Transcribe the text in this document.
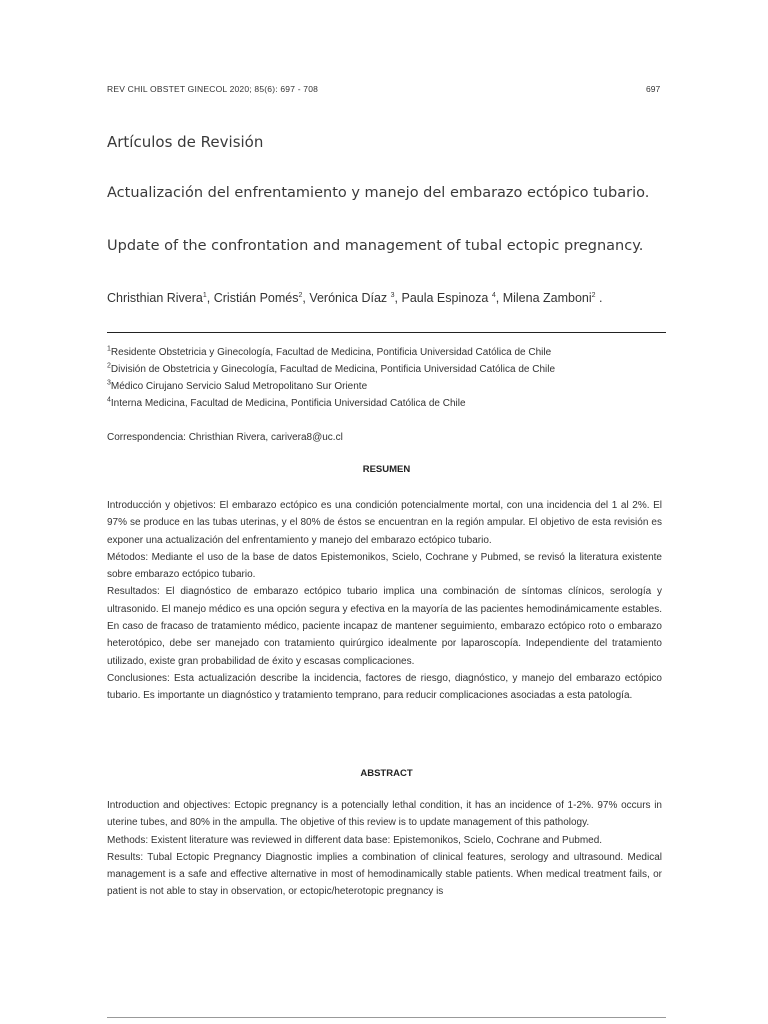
REV CHIL OBSTET GINECOL 2020; 85(6): 697 - 708	697
Artículos de Revisión
Actualización del enfrentamiento y manejo del embarazo ectópico tubario.
Update of the confrontation and management of tubal ectopic pregnancy.
Christhian Rivera$^1$, Cristián Pomés$^2$, Verónica Díaz $^3$, Paula Espinoza $^4$, Milena Zamboni$^2$ .
$^1$Residente Obstetricia y Ginecología, Facultad de Medicina, Pontificia Universidad Católica de Chile
$^2$División de Obstetricia y Ginecología, Facultad de Medicina, Pontificia Universidad Católica de Chile
$^3$Médico Cirujano Servicio Salud Metropolitano Sur Oriente
$^4$Interna Medicina, Facultad de Medicina, Pontificia Universidad Católica de Chile
Correspondencia: Christhian Rivera, carivera8@uc.cl
RESUMEN

Introducción y objetivos: El embarazo ectópico es una condición potencialmente mortal, con una incidencia del 1 al 2%. El 97% se produce en las tubas uterinas, y el 80% de éstos se encuentran en la región ampular. El objetivo de esta revisión es exponer una actualización del enfrentamiento y manejo del embarazo ectópico tubario.

Métodos: Mediante el uso de la base de datos Epistemonikos, Scielo, Cochrane y Pubmed, se revisó la literatura existente sobre embarazo ectópico tubario.

Resultados: El diagnóstico de embarazo ectópico tubario implica una combinación de síntomas clínicos, serología y ultrasonido. El manejo médico es una opción segura y efectiva en la mayoría de las pacientes hemodinámicamente estables. En caso de fracaso de tratamiento médico, paciente incapaz de mantener seguimiento, embarazo ectópico roto o embarazo heterotópico, debe ser manejado con tratamiento quirúrgico idealmente por laparoscopía. Independiente del tratamiento utilizado, existe gran probabilidad de éxito y escasas complicaciones.

Conclusiones: Esta actualización describe la incidencia, factores de riesgo, diagnóstico, y manejo del embarazo ectópico tubario. Es importante un diagnóstico y tratamiento temprano, para reducir complicaciones asociadas a esta patología.

ABSTRACT

Introduction and objectives: Ectopic pregnancy is a potencially lethal condition, it has an incidence of 1-2%. 97% occurs in uterine tubes, and 80% in the ampulla. The objetive of this review is to update management of this pathology.

Methods: Existent literature was reviewed in different data base: Epistemonikos, Scielo, Cochrane and Pubmed.

Results: Tubal Ectopic Pregnancy Diagnostic implies a combination of clinical features, serology and ultrasound. Medical management is a safe and effective alternative in most of hemodinamically stable patients. When medical treatment fails, or patient is not able to stay in observation, or ectopic/heterotopic pregnancy is
